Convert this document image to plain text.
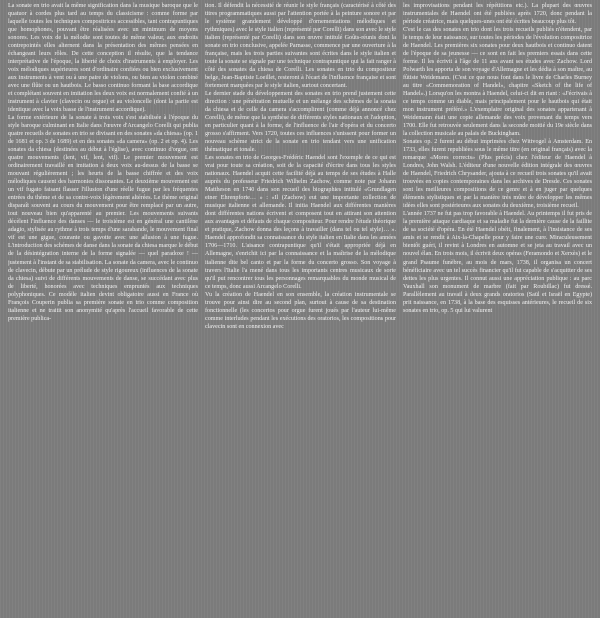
La sonate en trio avait la même signification dans la musique baroque que le quatuor à cordes plus tard au temps du classicisme : comme forme par laquelle toutes les techniques compositrices accessibles, tant contrapuntiques que homophones, pouvant être réalisées avec un minimum de moyens sonores. Les voix de la mélodie sont toutes de même valeur, aux endroits contrepointés elles alternent dans la présentation des mêmes pensées en échangeant leurs rôles. De cette conception il résulte, que la tendance interprétative de l'époque, la liberté de choix d'instruments à employer. Les voix mélodiques supérieures sont d'ordinaire confiées ou bien exclusivement aux instruments à vent ou à une paire de violons, ou bien au violon combiné avec une flûte ou un hautbois. Le basso continuo formant la base accordique et complétant souvent en imitation les deux voix est normalement confié à un instrument à clavier (clavecin ou orgue) et au violoncelle (dont la partie est identique avec la voix basse de l'instrument accordique).

La forme extérieure de la sonate à trois voix s'est stabilisée à l'époque du style baroque culminant en Italie dans l'œuvre d'Arcangelo Corelli qui publia quatre recueils de sonates en trio se divisant en des sonates «da chiesa» (op. 1 de 1681 et op. 3 de 1689) et en des sonates «da camera» (op. 2 et op. 4). Les sonates da chiesa (destinées au début à l'église), avec continuo d'orgue, ont quatre mouvements (lent, vif, lent, vif). Le premier mouvement est ordinairement travaillé en imitation à deux voix au-dessus de la basse se mouvant régulièrement ; les heurts de la basse chiffrée et des voix mélodiques causent des harmonies dissonantes. Le deuxième mouvement est un vif fugato faisant flasser l'illusion d'une réelle fugue par les fréquentes entrées du thème et de sa contre-voix légèrement altérées. Le thème original disparaît souvent au cours du mouvement pour être remplacé par un autre, tout nouveau bien qu'apparenté au premier. Les mouvements suivants décèlent l'influence des danses — le troisième est en général une cantilène adagio, stylisée au rythme à trois temps d'une sarabande, le mouvement final vif est une gigue, courante ou gavotte avec une allusion à une fugue. L'introduction des schémes de danse dans la sonate da chiesa marque le début de la désintégration interne de la forme signalée — quel paradoxe ! — justement à l'instant de sa stabilisation. La sonate da camera, avec le continuo de clavecin, débute par un prélude de style rigoureux (influences de la sonate da chiesa) suivi de différents mouvements de danse, se succédant avec plus de liberté, honorées avec techniques empruntés aux techniques polyphoniques. Ce modèle italien devint obligatoire aussi en France où François Couperin publia sa première sonate en trio comme composition italienne et ne traitit son anonymité qu'après l'accueil favorable de cette première publica-

tion. Il défendit la nécessité de réunir le style français (caractérisé à côté des titres programmatiques aussi par l'attention portée à la peinture sonore et par le système grandement développé d'ornementations mélodiques et rythmiques) avec le style italien (représenté par Corelli) dans son avec le style italien (représenté par Corelli) dans son œuvre intitulé Goûts-réunis dont la sonate en trio conclusive, appelée Parnasse, commence par une ouverture à la française, mais les trois parties suivantes sont écrites dans le style italien et toute la sonate se signale par une technique contrapuntique qui la fait ranger à côté des sonates da chiesa de Corelli. Les sonates en trio du compositeur belge, Jean-Baptiste Loeillet, resteront à l'écart de l'influence française et sont fortement marquées par le style italien, surtout concertant.

Le dernier stade du développement des sonates en trio prend justement cette direction : une pénétration mutuelle et un mélange des schèmes de la sonata da chiesa et de celle da camera s'accomplirent (comme déjà annoncé chez Corelli), de même que la synthèse de différents styles nationaux et l'adoption, en particulier quant à la forme, de l'influence de l'air d'opéra et du concerto grosso s'affirment. Vers 1720, toutes ces influences s'unissent pour former un nouveau schème strict de la sonate en trio tendant vers une unification thématique et tonale.

Les sonates en trio de Georges-Frédéric Haendel sont l'exemple de ce qui est vrai pour toute sa création, soit de la capacité d'écrire dans tous les styles nationaux. Haendel acquit cette facilité déjà au temps de ses études à Halle auprès du professeur Friedrich Wilhelm Zachow, comme note par Johann Mattheson en 1740 dans son recueil des biographies intitulé «Grundlagen einer Ehrenpforte… » : «Il (Zachow) eut une importante collection de musique italienne et allemande. Il initia Haendel aux différentes manières dont différentes nations écrivent et composent tout en attirant son attention aux avantages et défauts de chaque compositeur. Pour rendre l'étude théorique et pratique, Zachow donna des leçons à travailler (dans tel ou tel style)… ». Haendel approfondit sa connaissance du style italien en Italie dans les années 1706—1710. L'aisance contrapuntique qu'il s'était appropriée déjà en Allemagne, s'enrichit ici par la connaissance et la maîtrise de la mélodique italienne dite bel canto et par la forme du concerto grosso. Son voyage à travers l'Italie l'a mené dans tous les importants centres musicaux de sorte qu'il put rencontrer tous les personnages remarquables du monde musical de ce temps, donc aussi Arcangelo Corelli.

Vu la création de Haendel en son ensemble, la création instrumentale se trouve pour ainsi dire au second plan, surtout à cause de sa destination fonctionnelle (les concertos pour orgue furent joués par l'auteur lui-même comme interludes pendant les exécutions des oratorios, les compositions pour clavecin sont en connexion avec

les improvisations pendant les répétitions etc.). La plupart des œuvres instrumentales de Haendel ont été publiées après 1720, donc pendant la période créatrice, mais quelques-unes ont été écrites beaucoup plus tôt.

C'est le cas des sonates en trio dont les trois recueils publiés n'étendent, par le temps de leur naissance, sur toutes les périodes de l'évolution compositrice de Haendel. Les premières six sonates pour deux hautbois et continuo datent de l'époque de sa jeunesse — ce sont en fait les premiers essais dans cette forme. Il les écrivit à l'âge de 11 ans avant ses études avec Zachow. Lord Polwarth les apporta de son voyage d'Allemagne et les dédia à son maître, au fûtiste Weidemann. (C'est ce que nous font dans le livre de Charles Burney au titre «Commemoration of Handel», chapitre «Sketch of the life of Handel».) Lorsqu'on les montra à Haendel, celui-ci dit en riant : «J'écrivais à ce temps comme un diable, mais principalement pour le hautbois qui était mon instrument préféré.» L'exemplaire original des sonates appartenant à Weidemann était une copie allemande des voix provenant du temps vers 1700. Elle fut retrouvée seulement dans la seconde moitié du 19e siècle dans la collection musicale au palais de Buckingham.

Sonates op. 2 furent au début imprimées chez Wittvogel à Amsterdam. En 1733, elles furent republiées sous le même titre (en original français) avec la remarque «Mores corrects» (Plus précis) chez l'éditeur de Haendel à Londres, John Walsh. L'éditeur d'une nouvelle édition intégrale des œuvres de Haendel, Friedrich Chrysander, ajouta à ce recueil trois sonates qu'il avait trouvées en copies contemporaines dans les archives de Dresde. Ces sonates sont les meilleures compositions de ce genre et à en juger par quelques éléments stylistiques et par la manière très mûre de développer les mêmes idées elles sont postérieures aux sonates du deuxième, troisième recueil.

L'année 1737 ne fut pas trop favorable à Haendel. Au printemps il fut pris de la première attaque cardiaque et sa maladie fut la dernière cause de la faillite de sa société d'opéra. En été Haendel obéit, finalement, à l'insistance de ses amis et se rendit à Aix-la-Chapelle pour y faire une cure. Miraculeusement bientôt guéri, il revint à Londres en automne et se jeta au travail avec un nouvel élan. En trois mois, il écrivit deux opéras (Feramondo et Xerxès) et le grand Psaume funèbre, au mois de mars, 1738, il organisa un concert bénéficiaire avec un tel succès financier qu'il fut capable de s'acquitter de ses dettes les plus urgentes. Il connut aussi une appréciation publique : au parc Vauxhall son monument de marbre (fait par Roubillac) fut dressé. Parallèlement au travail à deux grands oratorios (Saül et Israël en Egypte) prit naissance, en 1738, à la base des esquisses antérieures, le recueil de six sonates en trio, op. 5 qui lui valurent
